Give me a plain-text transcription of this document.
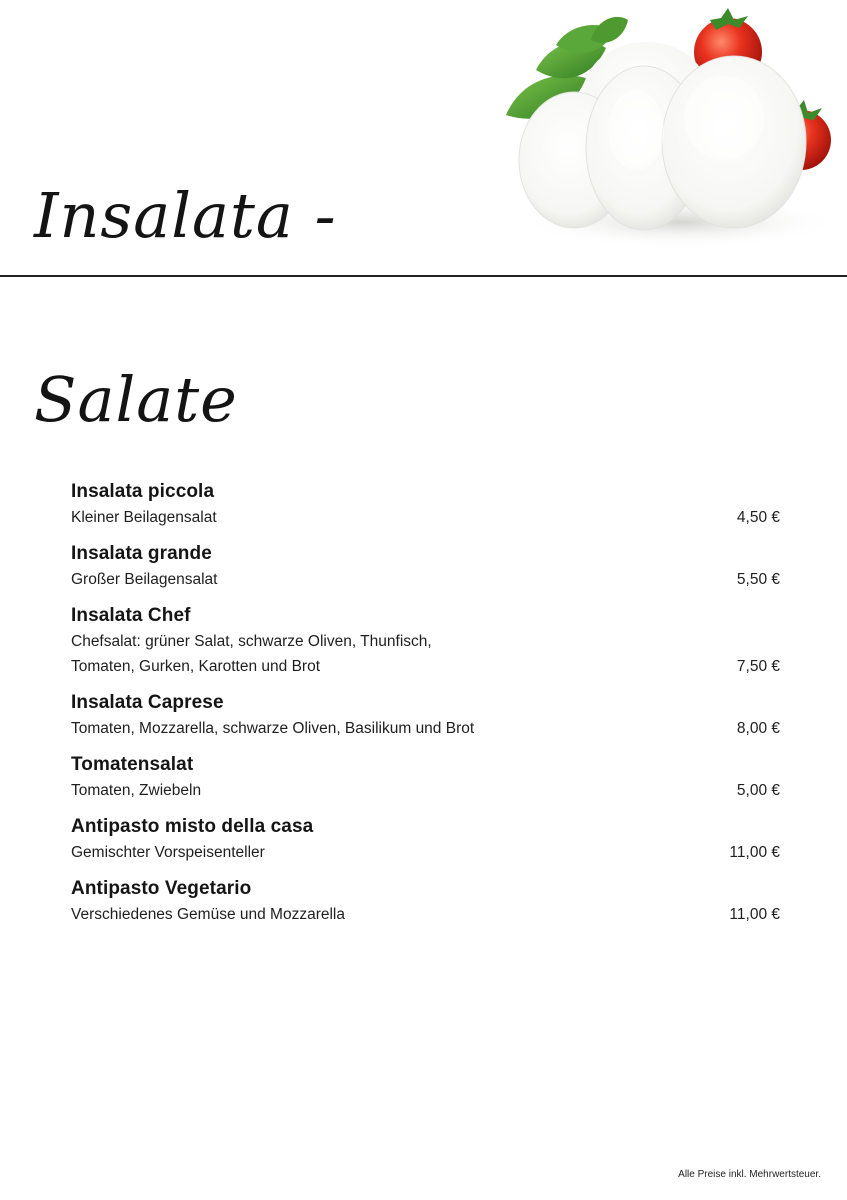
Insalata -

Salate

Insalata piccola
Kleiner Beilagensalat	4,50 €
Insalata grande
Großer Beilagensalat	5,50 €
Insalata Chef
Chefsalat: grüner Salat, schwarze Oliven, Thunfisch,
Tomaten, Gurken, Karotten und Brot	7,50 €
Insalata Caprese
Tomaten, Mozzarella, schwarze Oliven, Basilikum und Brot	8,00 €
Tomatensalat
Tomaten, Zwiebeln	5,00 €
Antipasto misto della casa
Gemischter Vorspeisenteller	11,00 €
Antipasto Vegetario
Verschiedenes Gemüse und Mozzarella	11,00 €
Alle Preise inkl. Mehrwertsteuer.
